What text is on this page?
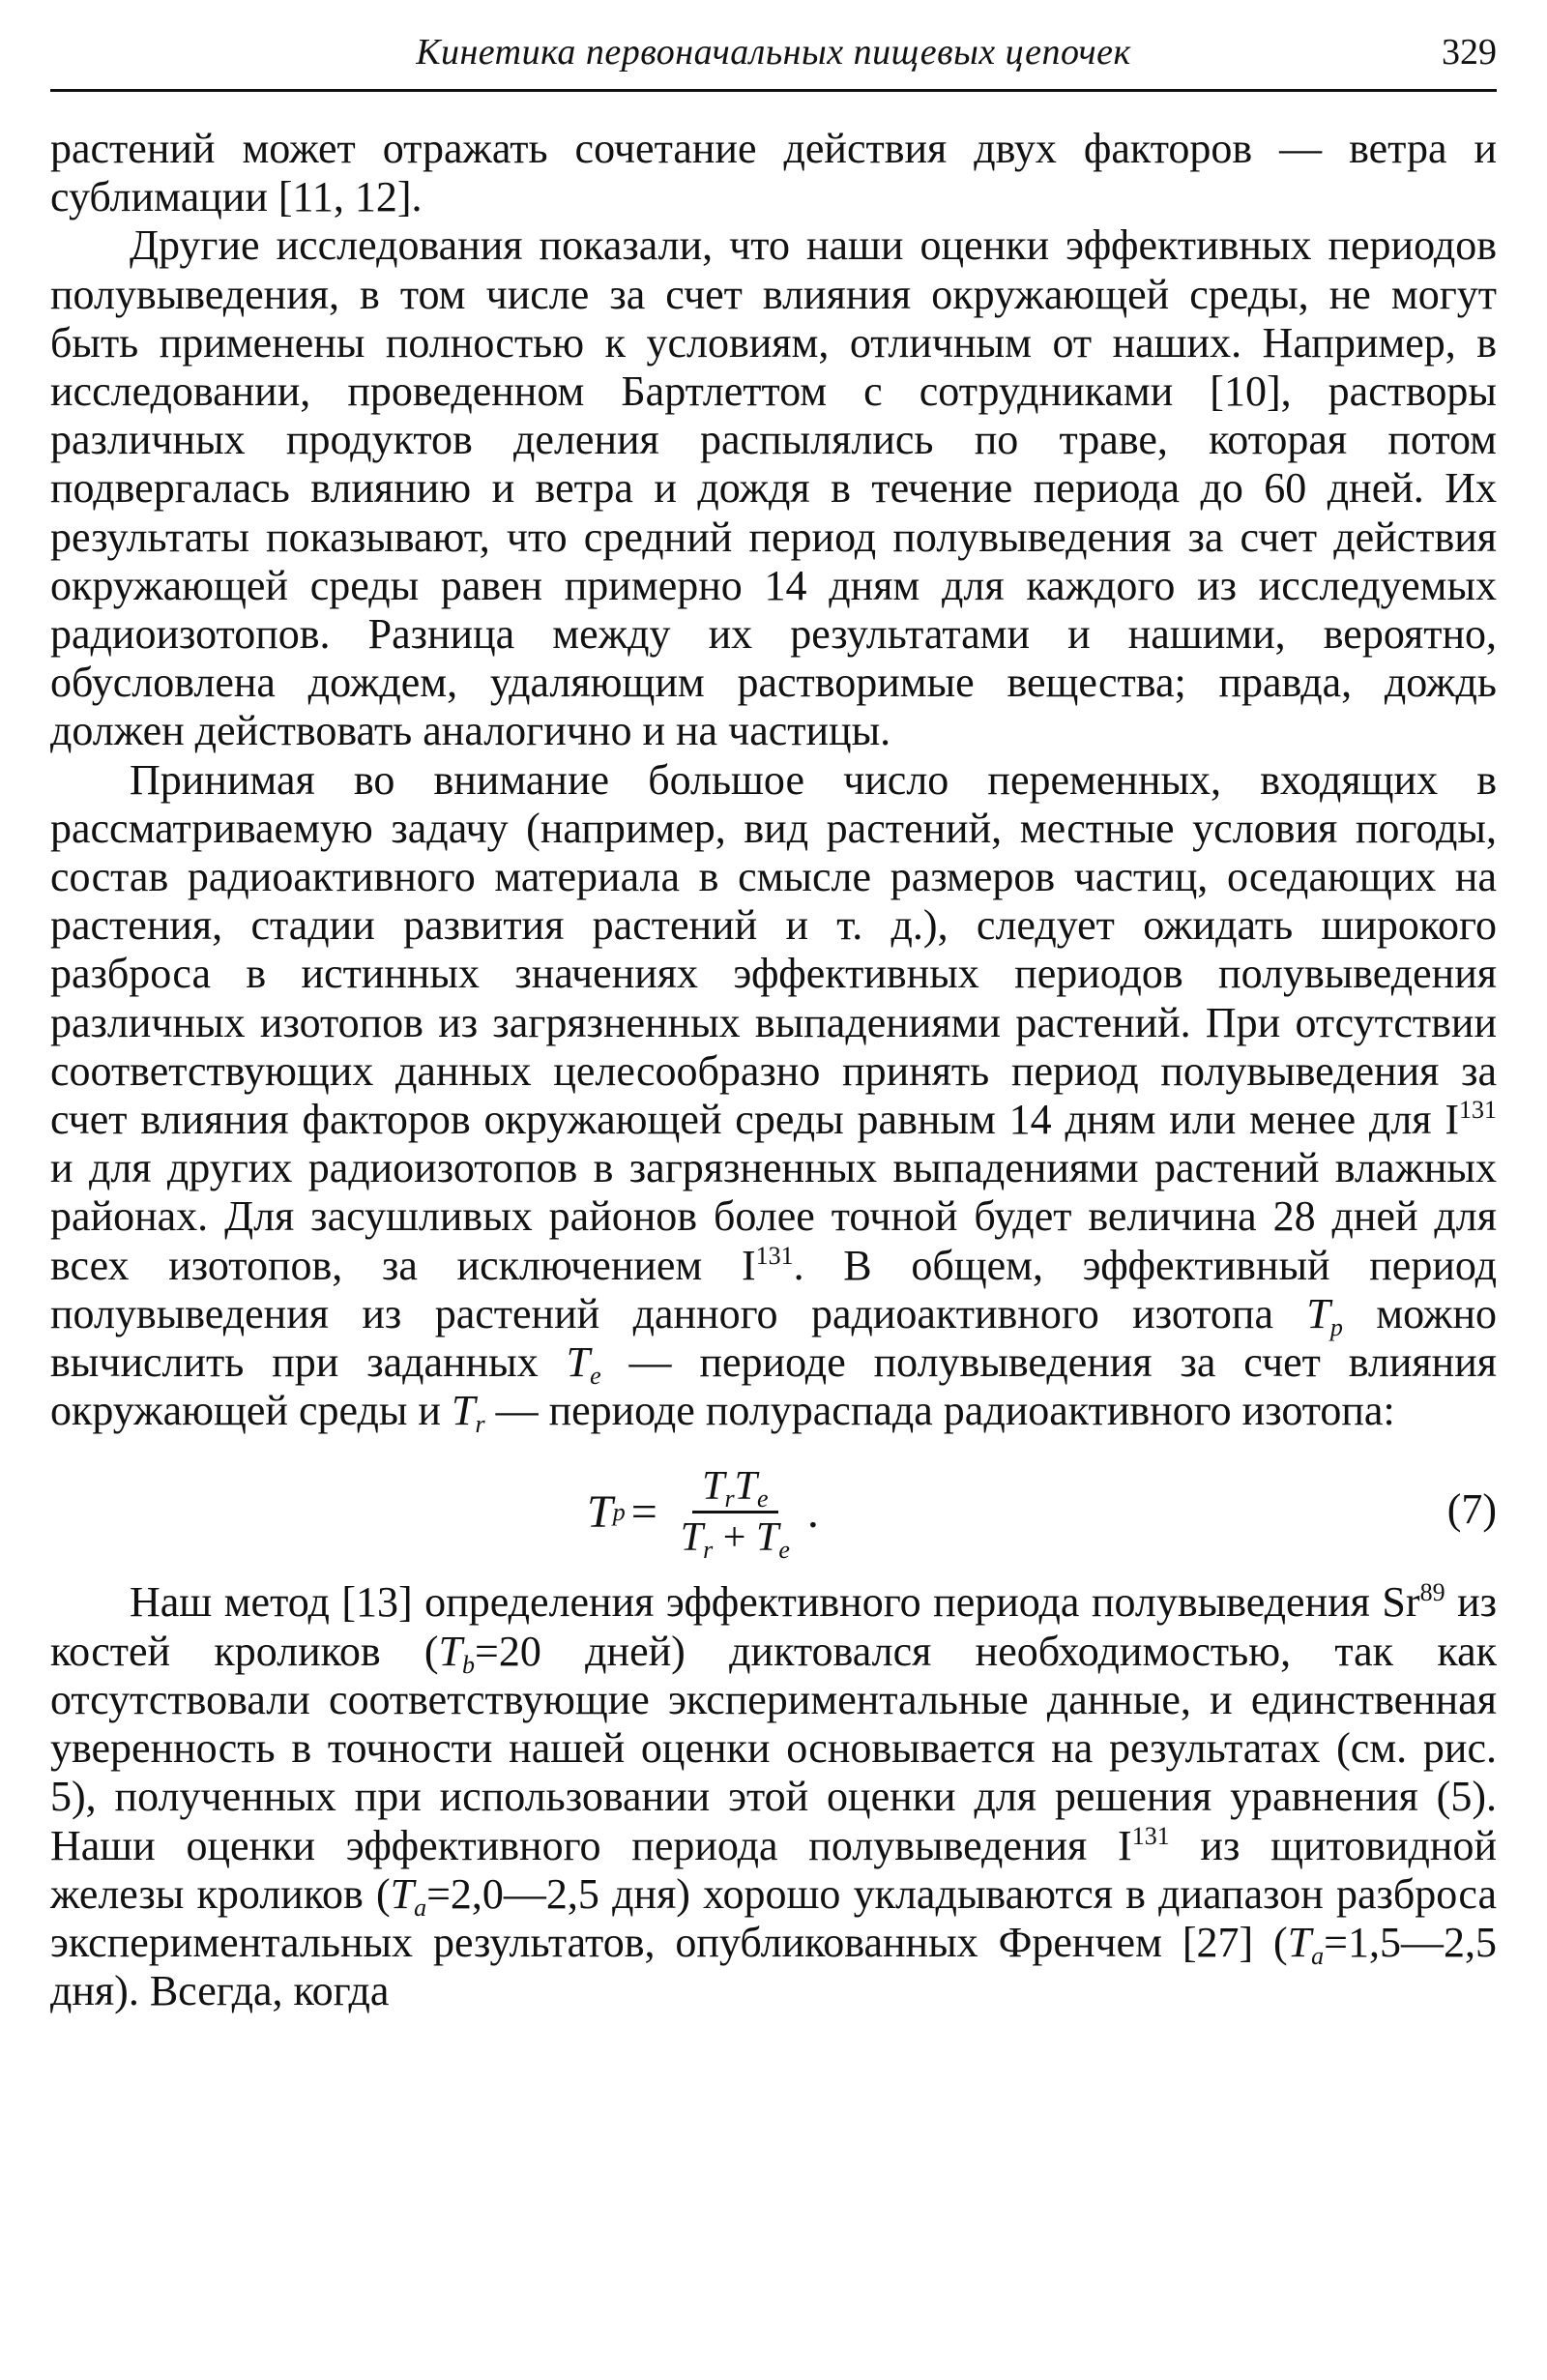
Кинетика первоначальных пищевых цепочек	329

растений может отражать сочетание действия двух факторов — ветра и сублимации [11, 12].

Другие исследования показали, что наши оценки эффективных периодов полувыведения, в том числе за счет влияния окружающей среды, не могут быть применены полностью к условиям, отличным от наших. Например, в исследовании, проведенном Бартлеттом с сотрудниками [10], растворы различных продуктов деления распылялись по траве, которая потом подвергалась влиянию и ветра и дождя в течение периода до 60 дней. Их результаты показывают, что средний период полувыведения за счет действия окружающей среды равен примерно 14 дням для каждого из исследуемых радиоизотопов. Разница между их результатами и нашими, вероятно, обусловлена дождем, удаляющим растворимые вещества; правда, дождь должен действовать аналогично и на частицы.

Принимая во внимание большое число переменных, входящих в рассматриваемую задачу (например, вид растений, местные условия погоды, состав радиоактивного материала в смысле размеров частиц, оседающих на растения, стадии развития растений и т. д.), следует ожидать широкого разброса в истинных значениях эффективных периодов полувыведения различных изотопов из загрязненных выпадениями растений. При отсутствии соответствующих данных целесообразно принять период полувыведения за счет влияния факторов окружающей среды равным 14 дням или менее для $I^{131}$ и для других радиоизотопов в загрязненных выпадениями растений влажных районах. Для засушливых районов более точной будет величина 28 дней для всех изотопов, за исключением $I^{131}$. В общем, эффективный период полувыведения из растений данного радиоактивного изотопа $T_p$ можно вычислить при заданных $T_e$ — периоде полувыведения за счет влияния окружающей среды и $T_r$ — периоде полураспада радиоактивного изотопа:

T $p = \frac{T_rT_e}{T_r + T_e}$ .	(7)

Наш метод [13] определения эффективного периода полувыведения Sr$^{89}$ из костей кроликов ($T_b=20$ дней) диктовался необходимостью, так как отсутствовали соответствующие экспериментальные данные, и единственная уверенность в точности нашей оценки основывается на результатах (см. рис. 5), полученных при использовании этой оценки для решения уравнения (5). Наши оценки эффективного периода полувыведения $I^{131}$ из щитовидной железы кроликов ($T_a=2,0—2,5$ дня) хорошо укладываются в диапазон разброса экспериментальных результатов, опубликованных Френчем [27] ($T_a=1,5—2,5$ дня). Всегда, когда
